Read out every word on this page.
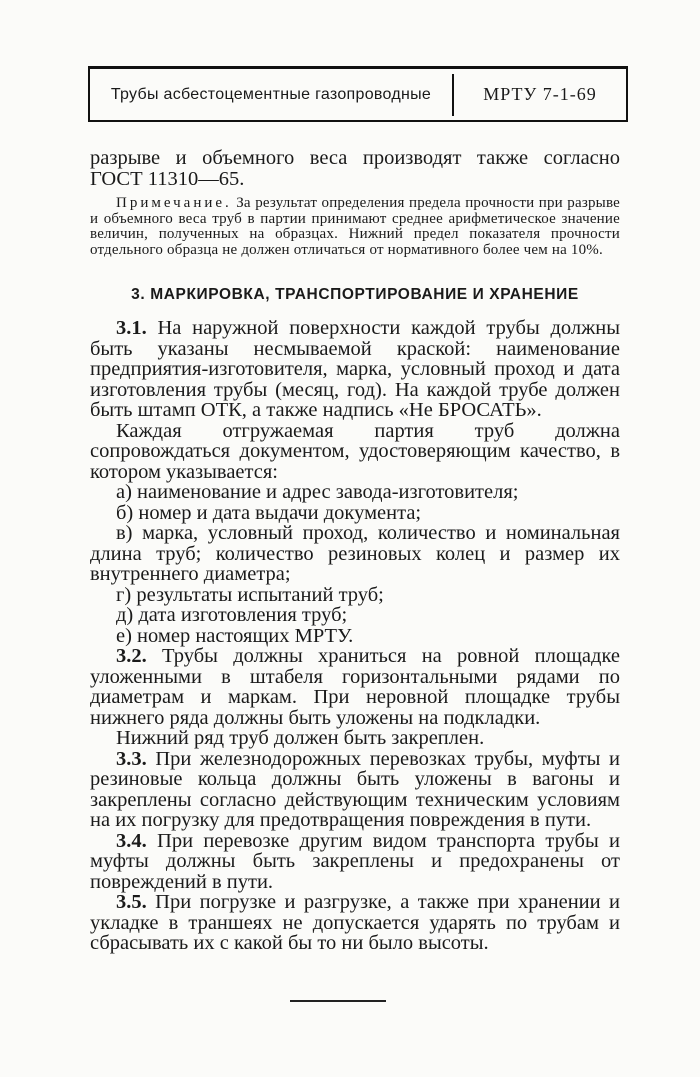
Трубы асбестоцементные газопроводные	МРТУ 7-1-69

разрыве и объемного веса производят также согласно

ГОСТ 11310—65.

Примечание. За результат определения предела прочности при разрыве и объемного веса труб в партии принимают среднее арифметическое значение величин, полученных на образцах. Нижний предел показателя прочности отдельного образца не должен отличаться от нормативного более чем на 10%.

3. МАРКИРОВКА, ТРАНСПОРТИРОВАНИЕ И ХРАНЕНИЕ

3.1. На наружной поверхности каждой трубы должны быть указаны несмываемой краской: наименование предприятия-изготовителя, марка, условный проход и дата изготовления трубы (месяц, год). На каждой трубе должен быть штамп ОТК, а также надпись «Не БРОСАТЬ».

Каждая отгружаемая партия труб должна сопровождаться документом, удостоверяющим качество, в котором указывается:

а) наименование и адрес завода-изготовителя;

б) номер и дата выдачи документа;

в) марка, условный проход, количество и номинальная длина труб; количество резиновых колец и размер их внутреннего диаметра;

г) результаты испытаний труб;

д) дата изготовления труб;

е) номер настоящих МРТУ.

3.2. Трубы должны храниться на ровной площадке уложенными в штабеля горизонтальными рядами по диаметрам и маркам. При неровной площадке трубы нижнего ряда должны быть уложены на подкладки.

Нижний ряд труб должен быть закреплен.

3.3. При железнодорожных перевозках трубы, муфты и резиновые кольца должны быть уложены в вагоны и закреплены согласно действующим техническим условиям на их погрузку для предотвращения повреждения в пути.

3.4. При перевозке другим видом транспорта трубы и муфты должны быть закреплены и предохранены от повреждений в пути.

3.5. При погрузке и разгрузке, а также при хранении и укладке в траншеях не допускается ударять по трубам и сбрасывать их с какой бы то ни было высоты.
